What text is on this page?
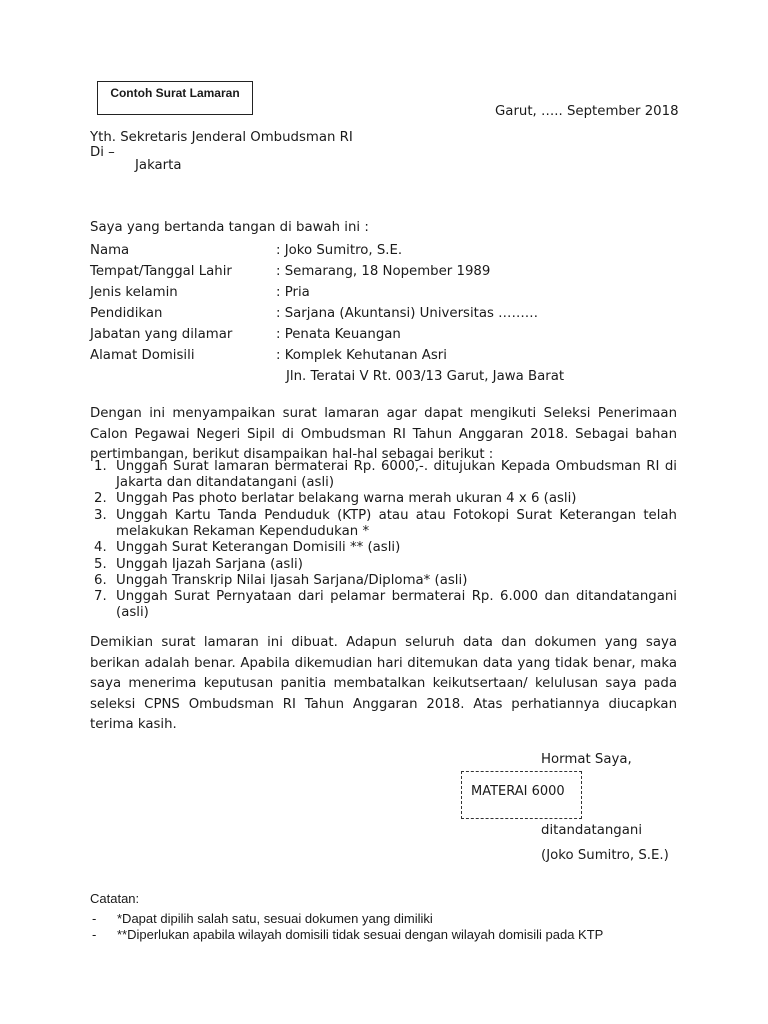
Contoh Surat Lamaran
Garut, ….. September 2018
Yth. Sekretaris Jenderal Ombudsman RI
Di –
Jakarta
Saya yang bertanda tangan di bawah ini :
Nama	: Joko Sumitro, S.E.
Tempat/Tanggal Lahir	: Semarang, 18 Nopember 1989
Jenis kelamin	: Pria
Pendidikan	: Sarjana (Akuntansi) Universitas ………
Jabatan yang dilamar	: Penata Keuangan
Alamat Domisili	: Komplek Kehutanan Asri
Jln. Teratai V Rt. 003/13 Garut, Jawa Barat
Dengan ini menyampaikan surat lamaran agar dapat mengikuti Seleksi Penerimaan Calon Pegawai Negeri Sipil di Ombudsman RI Tahun Anggaran 2018. Sebagai bahan pertimbangan, berikut disampaikan hal-hal sebagai berikut :
1. Unggah Surat lamaran bermaterai Rp. 6000,-. ditujukan Kepada Ombudsman RI di Jakarta dan ditandatangani (asli)
2. Unggah Pas photo berlatar belakang warna merah ukuran 4 x 6 (asli)
3. Unggah Kartu Tanda Penduduk (KTP) atau atau Fotokopi Surat Keterangan telah melakukan Rekaman Kependudukan *
4. Unggah Surat Keterangan Domisili ** (asli)
5. Unggah Ijazah Sarjana (asli)
6. Unggah Transkrip Nilai Ijasah Sarjana/Diploma* (asli)
7. Unggah Surat Pernyataan dari pelamar bermaterai Rp. 6.000 dan ditandatangani (asli)
Demikian surat lamaran ini dibuat. Adapun seluruh data dan dokumen yang saya berikan adalah benar. Apabila dikemudian hari ditemukan data yang tidak benar, maka saya menerima keputusan panitia membatalkan keikutsertaan/ kelulusan saya pada seleksi CPNS Ombudsman RI Tahun Anggaran 2018. Atas perhatiannya diucapkan terima kasih.
Hormat Saya,
MATERAI 6000
ditandatangani
(Joko Sumitro, S.E.)
Catatan:
- *Dapat dipilih salah satu, sesuai dokumen yang dimiliki
- **Diperlukan apabila wilayah domisili tidak sesuai dengan wilayah domisili pada KTP
